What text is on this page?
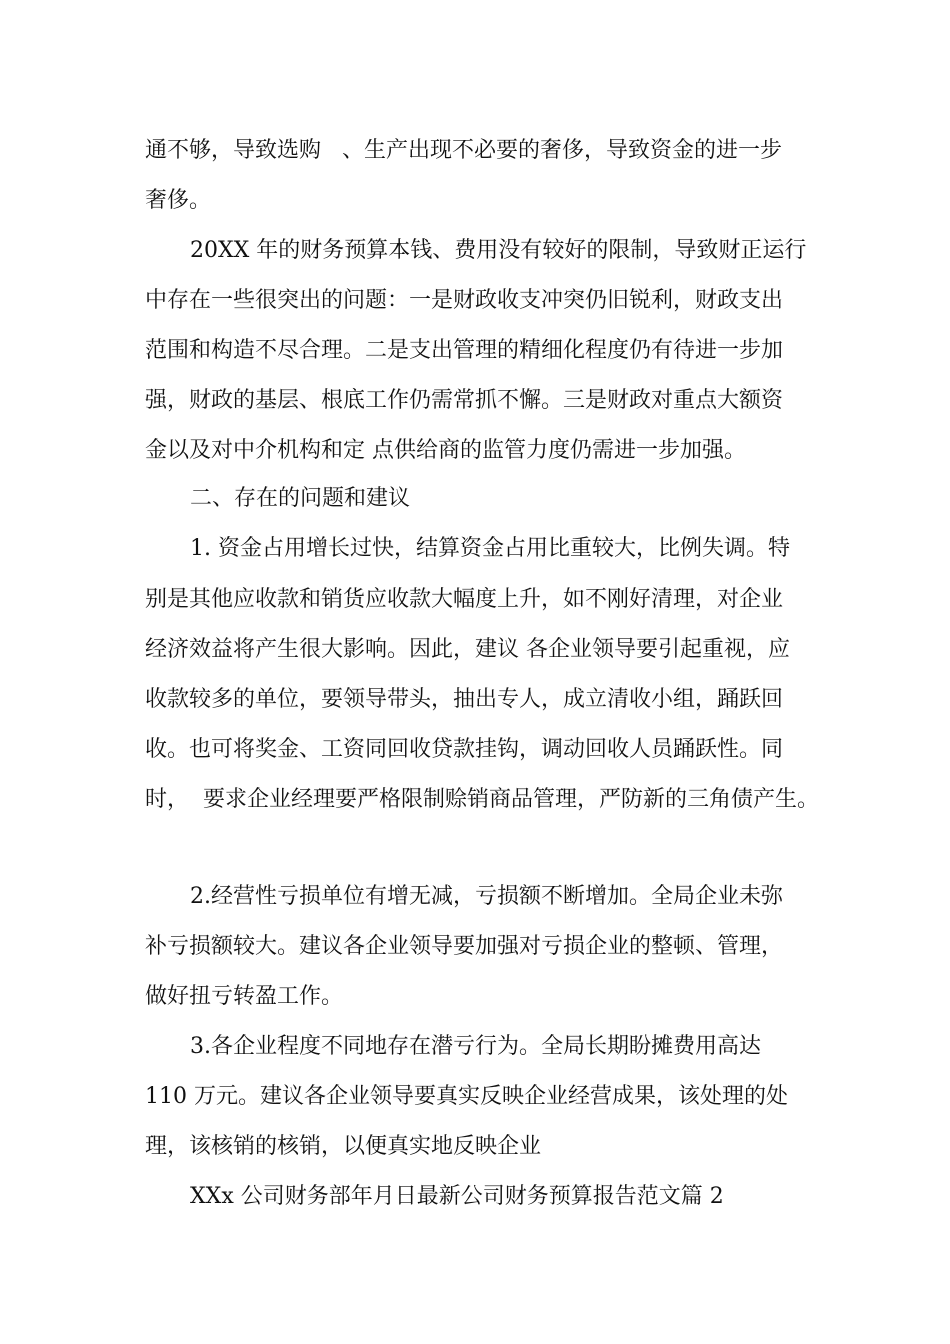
通不够，导致选购   、生产出现不必要的奢侈，导致资金的进一步
奢侈。
20XX 年的财务预算本钱、费用没有较好的限制，导致财正运行
中存在一些很突出的问题：一是财政收支冲突仍旧锐利，财政支出
范围和构造不尽合理。二是支出管理的精细化程度仍有待进一步加
强，财政的基层、根底工作仍需常抓不懈。三是财政对重点大额资
金以及对中介机构和定 点供给商的监管力度仍需进一步加强。
二、存在的问题和建议
1. 资金占用增长过快，结算资金占用比重较大，比例失调。特
别是其他应收款和销货应收款大幅度上升，如不刚好清理，对企业
经济效益将产生很大影响。因此，建议 各企业领导要引起重视，应
收款较多的单位，要领导带头，抽出专人，成立清收小组，踊跃回
收。也可将奖金、工资同回收贷款挂钩，调动回收人员踊跃性。同
时，  要求企业经理要严格限制赊销商品管理，严防新的三角债产生。
2.经营性亏损单位有增无减，亏损额不断增加。全局企业未弥
补亏损额较大。建议各企业领导要加强对亏损企业的整顿、管理，
做好扭亏转盈工作。
3.各企业程度不同地存在潜亏行为。全局长期盼摊费用高达
110 万元。建议各企业领导要真实反映企业经营成果，该处理的处
理，该核销的核销，以便真实地反映企业
XXx 公司财务部年月日最新公司财务预算报告范文篇 2
